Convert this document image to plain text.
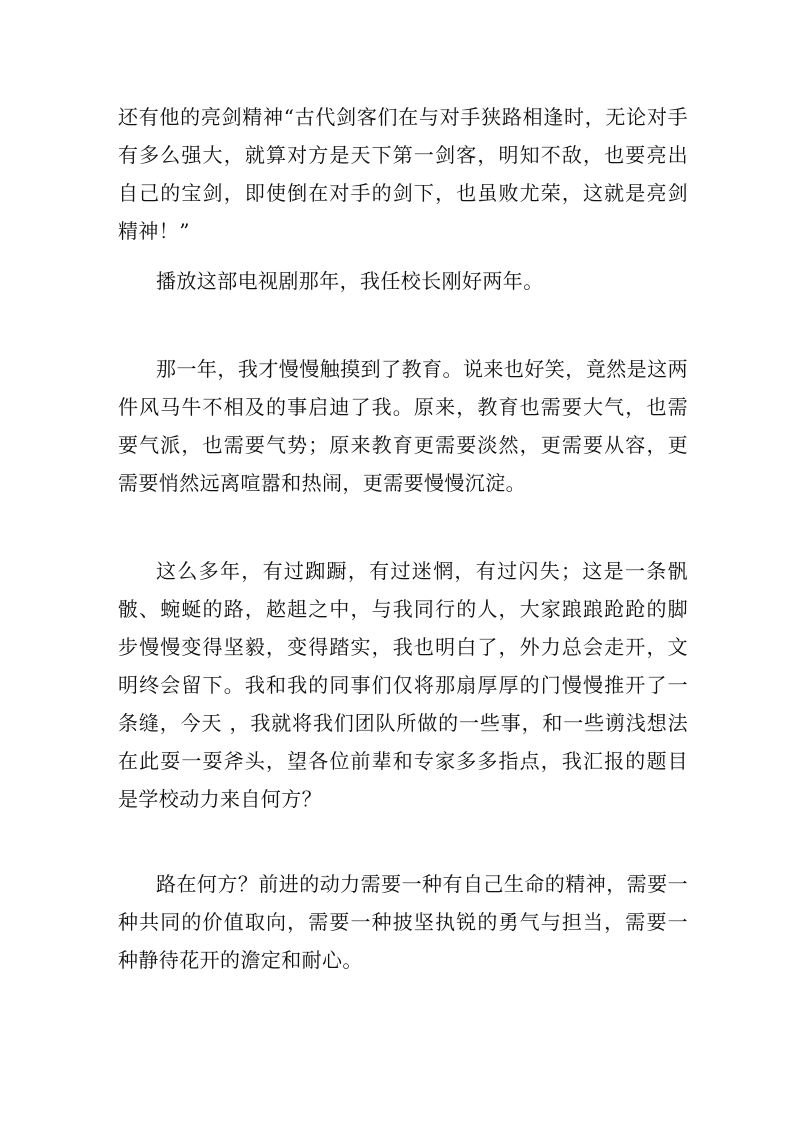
还有他的亮剑精神“古代剑客们在与对手狭路相逢时，无论对手有多么强大，就算对方是天下第一剑客，明知不敌，也要亮出自己的宝剑，即使倒在对手的剑下，也虽败尤荣，这就是亮剑精神！”

播放这部电视剧那年，我任校长刚好两年。

那一年，我才慢慢触摸到了教育。说来也好笑，竟然是这两件风马牛不相及的事启迪了我。原来，教育也需要大气，也需要气派，也需要气势；原来教育更需要淡然，更需要从容，更需要悄然远离喧嚣和热闹，更需要慢慢沉淀。

这么多年，有过踟蹰，有过迷惘，有过闪失；这是一条骪骳、蜿蜒的路，趑趄之中，与我同行的人，大家踉踉跄跄的脚步慢慢变得坚毅，变得踏实，我也明白了，外力总会走开，文明终会留下。我和我的同事们仅将那扇厚厚的门慢慢推开了一条缝，今天 ，我就将我们团队所做的一些事，和一些谫浅想法在此耍一耍斧头，望各位前辈和专家多多指点，我汇报的题目是学校动力来自何方？

路在何方？前进的动力需要一种有自己生命的精神，需要一种共同的价值取向，需要一种披坚执锐的勇气与担当，需要一种静待花开的澹定和耐心。
